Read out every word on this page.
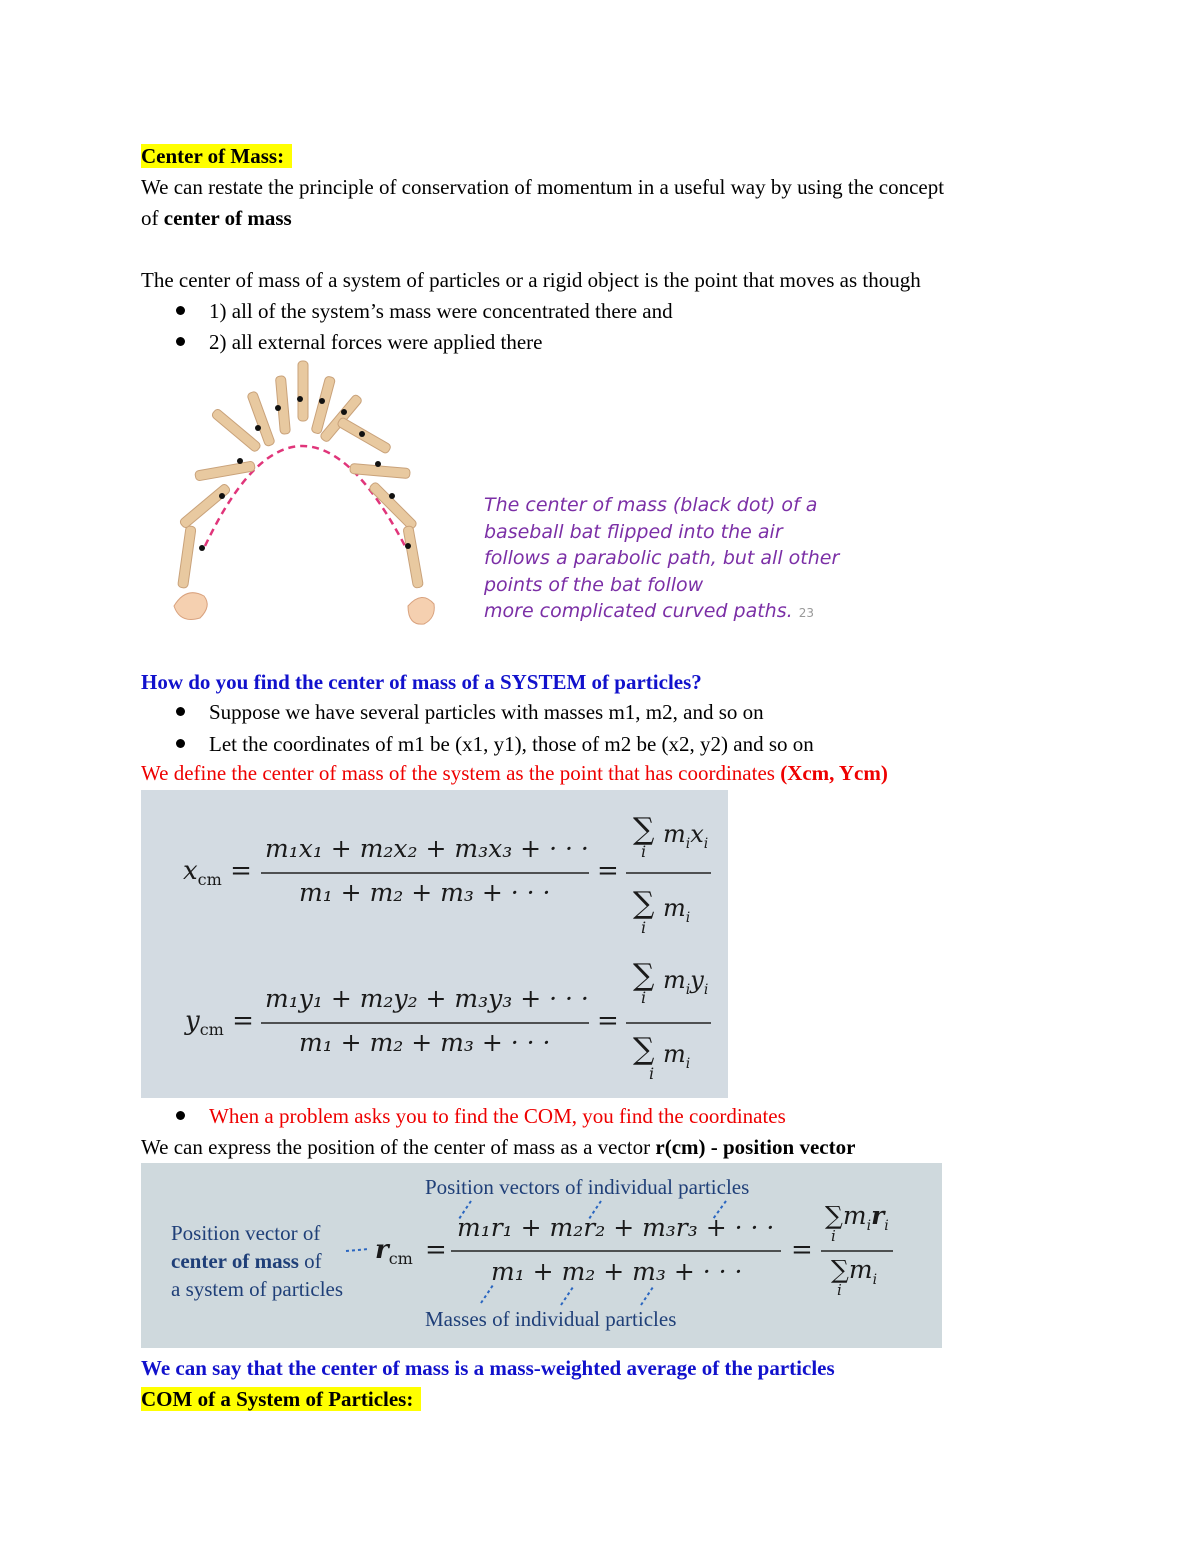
Center of Mass:
We can restate the principle of conservation of momentum in a useful way by using the concept
of center of mass
The center of mass of a system of particles or a rigid object is the point that moves as though
1) all of the system’s mass were concentrated there and
2) all external forces were applied there
The center of mass (black dot) of a
baseball bat flipped into the air
follows a parabolic path, but all other
points of the bat follow
more complicated curved paths. 23
How do you find the center of mass of a SYSTEM of particles?
Suppose we have several particles with masses m1, m2, and so on
Let the coordinates of m1 be (x1, y1), those of m2 be (x2, y2) and so on
We define the center of mass of the system as the point that has coordinates (Xcm, Ycm)
$x_{cm}$ =
m₁x₁ + m₂x₂ + m₃x₃ + · · ·
m₁ + m₂ + m₃ + · · ·
=
∑ $m_ix_i$
i
∑ $m_i$
i
$y_{cm}$ =
m₁y₁ + m₂y₂ + m₃y₃ + · · ·
m₁ + m₂ + m₃ + · · ·
=
∑ $m_iy_i$
i
∑ $m_i$
i
When a problem asks you to find the COM, you find the coordinates
We can express the position of the center of mass as a vector r(cm) - position vector
Position vectors of individual particles
Position vector of
center of mass of
a system of particles
Masses of individual particles
$r_{cm}$ =
m₁r₁ + m₂r₂ + m₃r₃ + · · ·
m₁ + m₂ + m₃ + · · ·
=
$\sum m_ir_i$
i
$\sum m_i$
i
We can say that the center of mass is a mass-weighted average of the particles
COM of a System of Particles:
